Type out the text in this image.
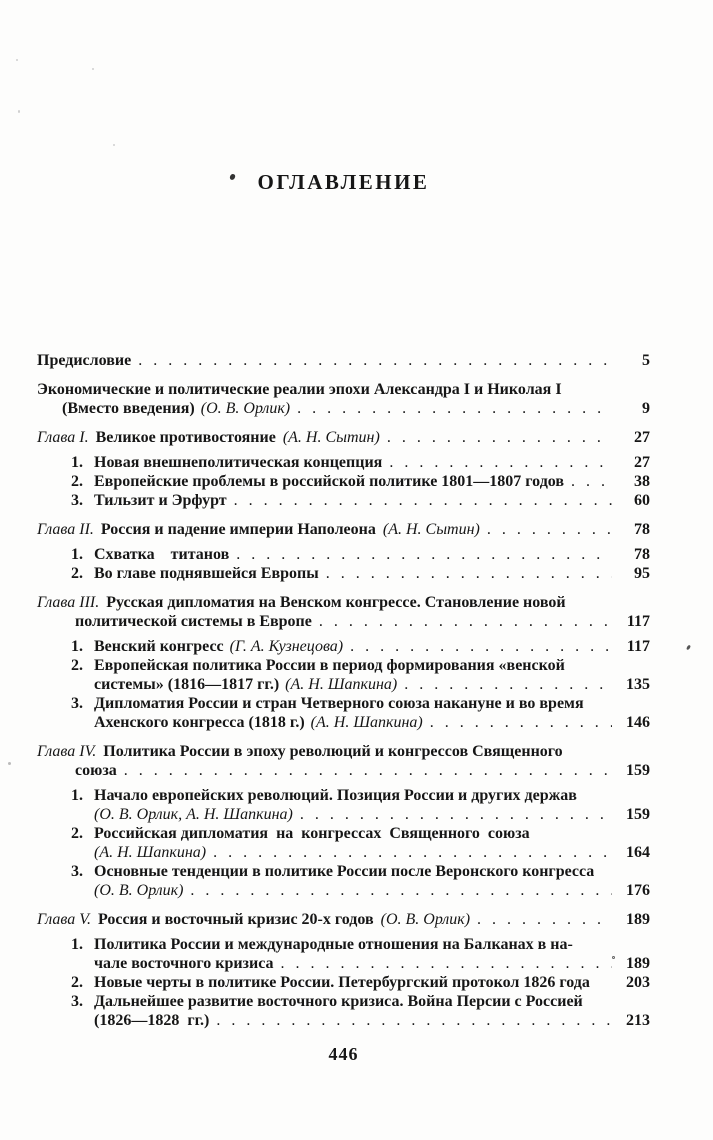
ОГЛАВЛЕНИЕ
Предисловие . .	5
Экономические и политические реалии эпохи Александра I и Николая I
(Вместо введения) (О. В. Орлик) . .	9
Глава I. Великое противостояние (А. Н. Сытин) . .	27
1. Новая внешнеполитическая концепция . .	27
2. Европейские проблемы в российской политике 1801—1807 годов . .	38
3. Тильзит и Эрфурт . .	60
Глава II. Россия и падение империи Наполеона (А. Н. Сытин) . .	78
1. Схватка    титанов . .	78
2. Во главе поднявшейся Европы . .	95
Глава III. Русская дипломатия на Венском конгрессе. Становление новой
политической системы в Европе . .	117
1. Венский конгресс (Г. А. Кузнецова) . .	117
2. Европейская политика России в период формирования «венской
системы» (1816—1817 гг.) (А. Н. Шапкина) . .	135
3. Дипломатия России и стран Четверного союза накануне и во время
Ахенского конгресса (1818 г.) (А. Н. Шапкина) . .	146
Глава IV. Политика России в эпоху революций и конгрессов Священного
союза . .	159
1. Начало европейских революций. Позиция России и других держав
(О. В. Орлик, А. Н. Шапкина) . .	159
2. Российская дипломатия  на  конгрессах  Священного  союза
(А. Н. Шапкина) . .	164
3. Основные тенденции в политике России после Веронского конгресса
(О. В. Орлик) . .	176
Глава V. Россия и восточный кризис 20-х годов (О. В. Орлик) . .	189
1. Политика России и международные отношения на Балканах в на-
чале восточного кризиса . .	189
2. Новые черты в политике России. Петербургский протокол 1826 года	203
3. Дальнейшее развитие восточного кризиса. Война Персии с Россией
(1826—1828  гг.) . .	213
446
